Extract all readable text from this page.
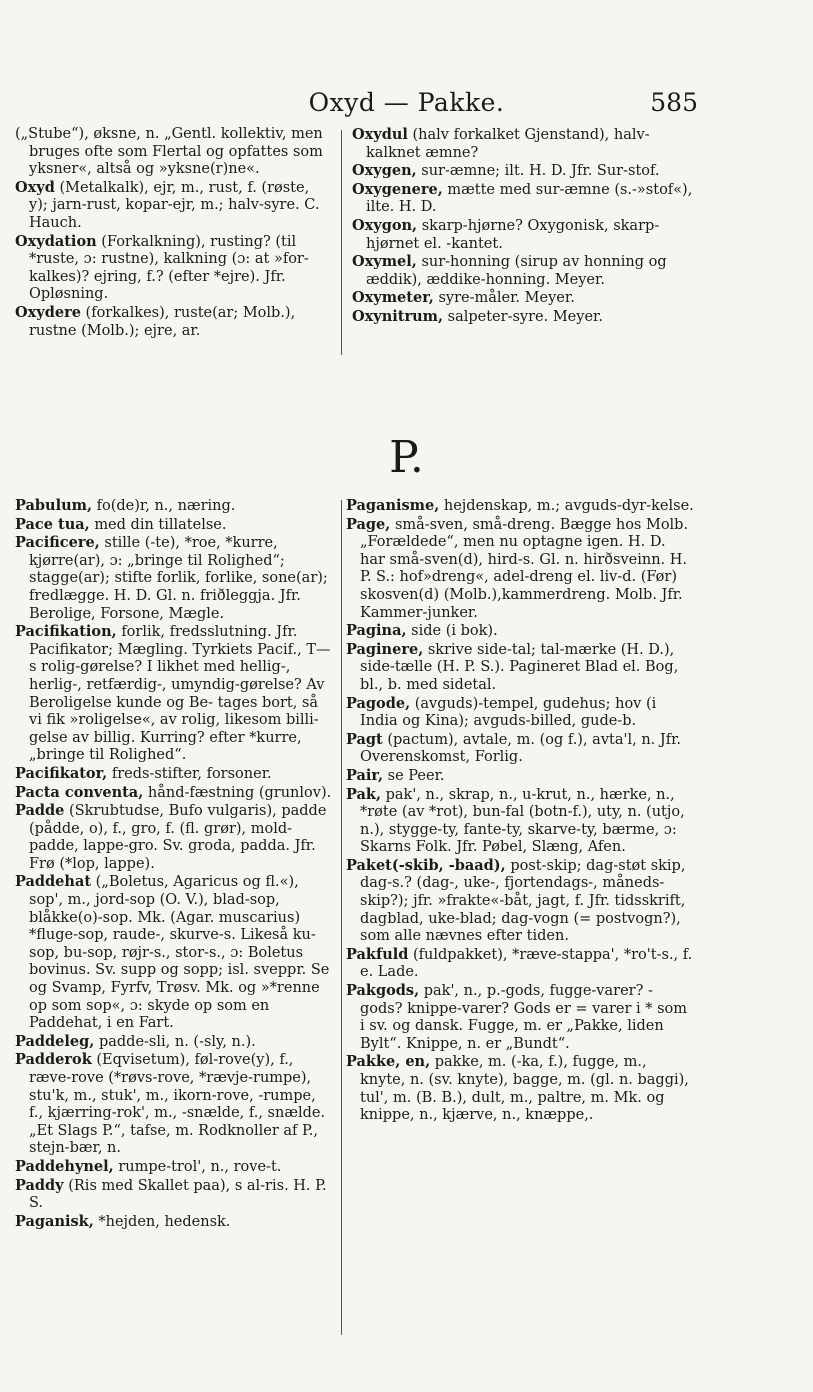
Oxyd — Pakke.	585

(„Stube“), øksne, n. „Gentl. kollektiv, men bruges ofte som Flertal og opfattes som yksner«, altså og »yksne(r)ne«.

Oxyd (Metalkalk), ejr, m., rust, f. (røste, y); jarn-rust, kopar-ejr, m.; halv-syre. C. Hauch.

Oxydation (Forkalkning), rusting? (til *ruste, ɔ: rustne), kalkning (ɔ: at »for-kalkes)? ejring, f.? (efter *ejre). Jfr. Opløsning.

Oxydere (forkalkes), ruste(ar; Molb.), rustne (Molb.); ejre, ar.

Oxydul (halv forkalket Gjenstand), halv-kalknet æmne?

Oxygen, sur-æmne; ilt. H. D. Jfr. Sur-stof.

Oxygenere, mætte med sur-æmne (s.-»stof«), ilte. H. D.

Oxygon, skarp-hjørne? Oxygonisk, skarp-hjørnet el. -kantet.

Oxymel, sur-honning (sirup av honning og æddik), æddike-honning. Meyer.

Oxymeter, syre-måler. Meyer.

Oxynitrum, salpeter-syre. Meyer.

P.

Pabulum, fo(de)r, n., næring.

Pace tua, med din tillatelse.

Pacificere, stille (-te), *roe, *kurre, kjørre(ar), ɔ: „bringe til Rolighed“; stagge(ar); stifte forlik, forlike, sone(ar); fredlægge. H. D. Gl. n. friðleggja. Jfr. Berolige, Forsone, Mægle.

Pacifikation, forlik, fredsslutning. Jfr. Pacifikator; Mægling. Tyrkiets Pacif., T—s rolig-gørelse? I likhet med hellig-, herlig-, retfærdig-, umyndig-gørelse? Av Beroligelse kunde og Be- tages bort, så vi fik »roligelse«, av rolig, likesom billi-gelse av billig. Kurring? efter *kurre, „bringe til Rolighed“.

Pacifikator, freds-stifter, forsoner.

Pacta conventa, hånd-fæstning (grunlov).

Padde (Skrubtudse, Bufo vulgaris), padde (pådde, o), f., gro, f. (fl. grør), mold-padde, lappe-gro. Sv. groda, padda. Jfr. Frø (*lop, lappe).

Paddehat („Boletus, Agaricus og fl.«), sop', m., jord-sop (O. V.), blad-sop, blåkke(o)-sop. Mk. (Agar. muscarius) *fluge-sop, raude-, skurve-s. Likeså ku-sop, bu-sop, røjr-s., stor-s., ɔ: Boletus bovinus. Sv. supp og sopp; isl. sveppr. Se og Svamp, Fyrfv, Trøsv. Mk. og »*renne op som sop«, ɔ: skyde op som en Paddehat, i en Fart.

Paddeleg, padde-sli, n. (-sly, n.).

Padderok (Eqvisetum), føl-rove(y), f., ræve-rove (*røvs-rove, *rævje-rumpe), stu'k, m., stuk', m., ikorn-rove, -rumpe, f., kjærring-rok', m., -snælde, f., snælde. „Et Slags P.“, tafse, m. Rodknoller af P., stejn-bær, n.

Paddehynel, rumpe-trol', n., rove-t.

Paddy (Ris med Skallet paa), s al-ris. H. P. S.

Paganisk, *hejden, hedensk.

Paganisme, hejdenskap, m.; avguds-dyr-kelse.

Page, små-sven, små-dreng. Bægge hos Molb. „Forældede“, men nu optagne igen. H. D. har små-sven(d), hird-s. Gl. n. hirðsveinn. H. P. S.: hof»dreng«, adel-dreng el. liv-d. (Før) skosven(d) (Molb.),kammerdreng. Molb. Jfr. Kammer-junker.

Pagina, side (i bok).

Paginere, skrive side-tal; tal-mærke (H. D.), side-tælle (H. P. S.). Pagineret Blad el. Bog, bl., b. med sidetal.

Pagode, (avguds)-tempel, gudehus; hov (i India og Kina); avguds-billed, gude-b.

Pagt (pactum), avtale, m. (og f.), avta'l, n. Jfr. Overenskomst, Forlig.

Pair, se Peer.

Pak, pak', n., skrap, n., u-krut, n., hærke, n., *røte (av *rot), bun-fal (botn-f.), uty, n. (utjo, n.), stygge-ty, fante-ty, skarve-ty, bærme, ɔ: Skarns Folk. Jfr. Pøbel, Slæng, Afen.

Paket(-skib, -baad), post-skip; dag-støt skip, dag-s.? (dag-, uke-, fjortendags-, måneds-skip?); jfr. »frakte«-båt, jagt, f. Jfr. tidsskrift, dagblad, uke-blad; dag-vogn (= postvogn?), som alle nævnes efter tiden.

Pakfuld (fuldpakket), *ræve-stappa', *ro't-s., f. e. Lade.

Pakgods, pak', n., p.-gods, fugge-varer? -gods? knippe-varer? Gods er = varer i * som i sv. og dansk. Fugge, m. er „Pakke, liden Bylt“. Knippe, n. er „Bundt“.

Pakke, en, pakke, m. (-ka, f.), fugge, m., knyte, n. (sv. knyte), bagge, m. (gl. n. baggi), tul', m. (B. B.), dult, m., paltre, m. Mk. og knippe, n., kjærve, n., knæppe,.
